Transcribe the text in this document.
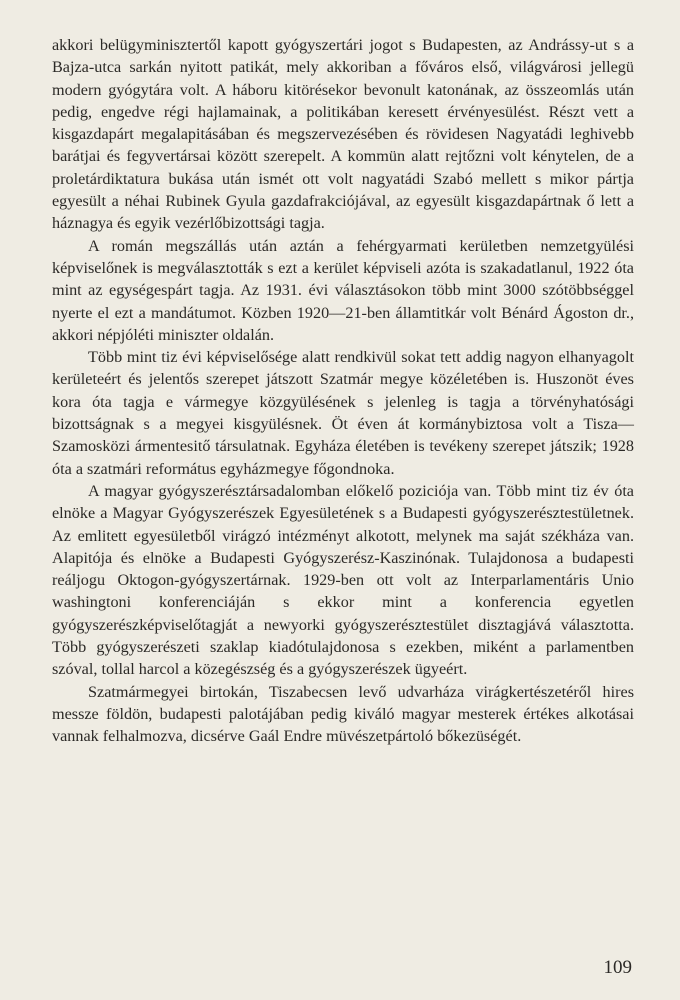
akkori belügyminisztertől kapott gyógyszertári jogot s Budapesten, az Andrássy-ut s a Bajza-utca sarkán nyitott patikát, mely akkoriban a főváros első, világvárosi jellegü modern gyógytára volt. A háboru kitörésekor bevonult katonának, az összeomlás után pedig, engedve régi hajlamainak, a politikában keresett érvényesülést. Részt vett a kisgazdapárt megalapitásában és megszervezésében és rövidesen Nagyatádi leghivebb barátjai és fegyvertársai között szerepelt. A kommün alatt rejtőzni volt kénytelen, de a proletárdiktatura bukása után ismét ott volt nagyatádi Szabó mellett s mikor pártja egyesült a néhai Rubinek Gyula gazdafrakciójával, az egyesült kisgazdapártnak ő lett a háznagya és egyik vezérlőbizottsági tagja.

A román megszállás után aztán a fehérgyarmati kerületben nemzetgyülési képviselőnek is megválasztották s ezt a kerület képviseli azóta is szakadatlanul, 1922 óta mint az egységespárt tagja. Az 1931. évi választásokon több mint 3000 szótöbbséggel nyerte el ezt a mandátumot. Közben 1920—21-ben államtitkár volt Bénárd Ágoston dr., akkori népjóléti miniszter oldalán.

Több mint tiz évi képviselősége alatt rendkivül sokat tett addig nagyon elhanyagolt kerületeért és jelentős szerepet játszott Szatmár megye közéletében is. Huszonöt éves kora óta tagja e vármegye közgyülésének s jelenleg is tagja a törvényhatósági bizottságnak s a megyei kisgyülésnek. Öt éven át kormánybiztosa volt a Tisza—Szamosközi ármentesitő társulatnak. Egyháza életében is tevékeny szerepet játszik; 1928 óta a szatmári református egyházmegye főgondnoka.

A magyar gyógyszerésztársadalomban előkelő poziciója van. Több mint tiz év óta elnöke a Magyar Gyógyszerészek Egyesületének s a Budapesti gyógyszerésztestületnek. Az emlitett egyesületből virágzó intézményt alkotott, melynek ma saját székháza van. Alapitója és elnöke a Budapesti Gyógyszerész-Kaszinónak. Tulajdonosa a budapesti reáljogu Oktogon-gyógyszertárnak. 1929-ben ott volt az Interparlamentáris Unio washingtoni konferenciáján s ekkor mint a konferencia egyetlen gyógyszerészképviselőtagját a newyorki gyógyszerésztestület disztagjává választotta. Több gyógyszerészeti szaklap kiadótulajdonosa s ezekben, miként a parlamentben szóval, tollal harcol a közegészség és a gyógyszerészek ügyeért.

Szatmármegyei birtokán, Tiszabecsen levő udvarháza virágkertészetéről hires messze földön, budapesti palotájában pedig kiváló magyar mesterek értékes alkotásai vannak felhalmozva, dicsérve Gaál Endre müvészetpártoló bőkezüségét.

109
